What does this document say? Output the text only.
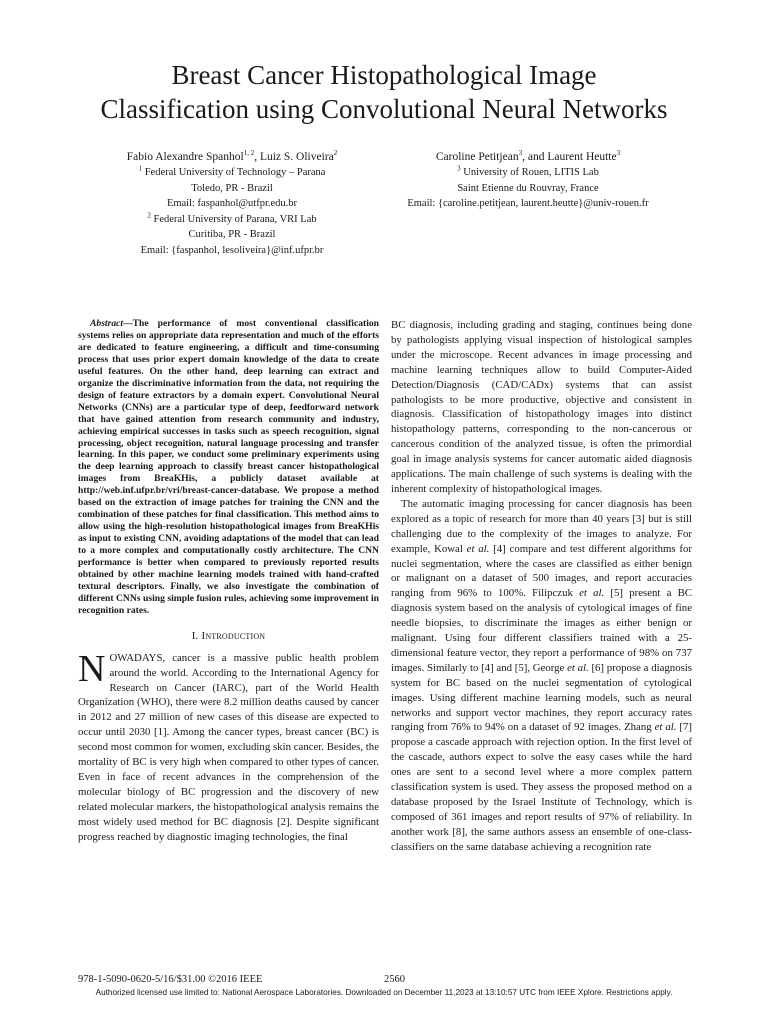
Breast Cancer Histopathological Image
Classification using Convolutional Neural Networks
Fabio Alexandre Spanhol$^{1, 2}$, Luiz S. Oliveira$^2$
$^1$ Federal University of Technology – Parana
Toledo, PR - Brazil
Email: faspanhol@utfpr.edu.br
$^2$ Federal University of Parana, VRI Lab
Curitiba, PR - Brazil
Email: {faspanhol, lesoliveira}@inf.ufpr.br
Caroline Petitjean$^3$, and Laurent Heutte$^3$
$^3$ University of Rouen, LITIS Lab
Saint Etienne du Rouvray, France
Email: {caroline.petitjean, laurent.heutte}@univ-rouen.fr

Abstract—The performance of most conventional classification systems relies on appropriate data representation and much of the efforts are dedicated to feature engineering, a difficult and time-consuming process that uses prior expert domain knowledge of the data to create useful features. On the other hand, deep learning can extract and organize the discriminative information from the data, not requiring the design of feature extractors by a domain expert. Convolutional Neural Networks (CNNs) are a particular type of deep, feedforward network that have gained attention from research community and industry, achieving empirical successes in tasks such as speech recognition, signal processing, object recognition, natural language processing and transfer learning. In this paper, we conduct some preliminary experiments using the deep learning approach to classify breast cancer histopathological images from BreaKHis, a publicly dataset available at http://web.inf.ufpr.br/vri/breast-cancer-database. We propose a method based on the extraction of image patches for training the CNN and the combination of these patches for final classification. This method aims to allow using the high-resolution histopathological images from BreaKHis as input to existing CNN, avoiding adaptations of the model that can lead to a more complex and computationally costly architecture. The CNN performance is better when compared to previously reported results obtained by other machine learning models trained with hand-crafted textural descriptors. Finally, we also investigate the combination of different CNNs using simple fusion rules, achieving some improvement in recognition rates.

I. Introduction

NOWADAYS, cancer is a massive public health problem around the world. According to the International Agency for Research on Cancer (IARC), part of the World Health Organization (WHO), there were 8.2 million deaths caused by cancer in 2012 and 27 million of new cases of this disease are expected to occur until 2030 [1]. Among the cancer types, breast cancer (BC) is second most common for women, excluding skin cancer. Besides, the mortality of BC is very high when compared to other types of cancer. Even in face of recent advances in the comprehension of the molecular biology of BC progression and the discovery of new related molecular markers, the histopathological analysis remains the most widely used method for BC diagnosis [2]. Despite significant progress reached by diagnostic imaging technologies, the final

BC diagnosis, including grading and staging, continues being done by pathologists applying visual inspection of histological samples under the microscope. Recent advances in image processing and machine learning techniques allow to build Computer-Aided Detection/Diagnosis (CAD/CADx) systems that can assist pathologists to be more productive, objective and consistent in diagnosis. Classification of histopathology images into distinct histopathology patterns, corresponding to the non-cancerous or cancerous condition of the analyzed tissue, is often the primordial goal in image analysis systems for cancer automatic aided diagnosis applications. The main challenge of such systems is dealing with the inherent complexity of histopathological images.

The automatic imaging processing for cancer diagnosis has been explored as a topic of research for more than 40 years [3] but is still challenging due to the complexity of the images to analyze. For example, Kowal et al. [4] compare and test different algorithms for nuclei segmentation, where the cases are classified as either benign or malignant on a dataset of 500 images, and report accuracies ranging from 96% to 100%. Filipczuk et al. [5] present a BC diagnosis system based on the analysis of cytological images of fine needle biopsies, to discriminate the images as either benign or malignant. Using four different classifiers trained with a 25-dimensional feature vector, they report a performance of 98% on 737 images. Similarly to [4] and [5], George et al. [6] propose a diagnosis system for BC based on the nuclei segmentation of cytological images. Using different machine learning models, such as neural networks and support vector machines, they report accuracy rates ranging from 76% to 94% on a dataset of 92 images. Zhang et al. [7] propose a cascade approach with rejection option. In the first level of the cascade, authors expect to solve the easy cases while the hard ones are sent to a second level where a more complex pattern classification system is used. They assess the proposed method on a database proposed by the Israel Institute of Technology, which is composed of 361 images and report results of 97% of reliability. In another work [8], the same authors assess an ensemble of one-class-classifiers on the same database achieving a recognition rate

978-1-5090-0620-5/16/$31.00 ©2016 IEEE	2560
Authorized licensed use limited to: National Aerospace Laboratories. Downloaded on December 11,2023 at 13:10:57 UTC from IEEE Xplore. Restrictions apply.
